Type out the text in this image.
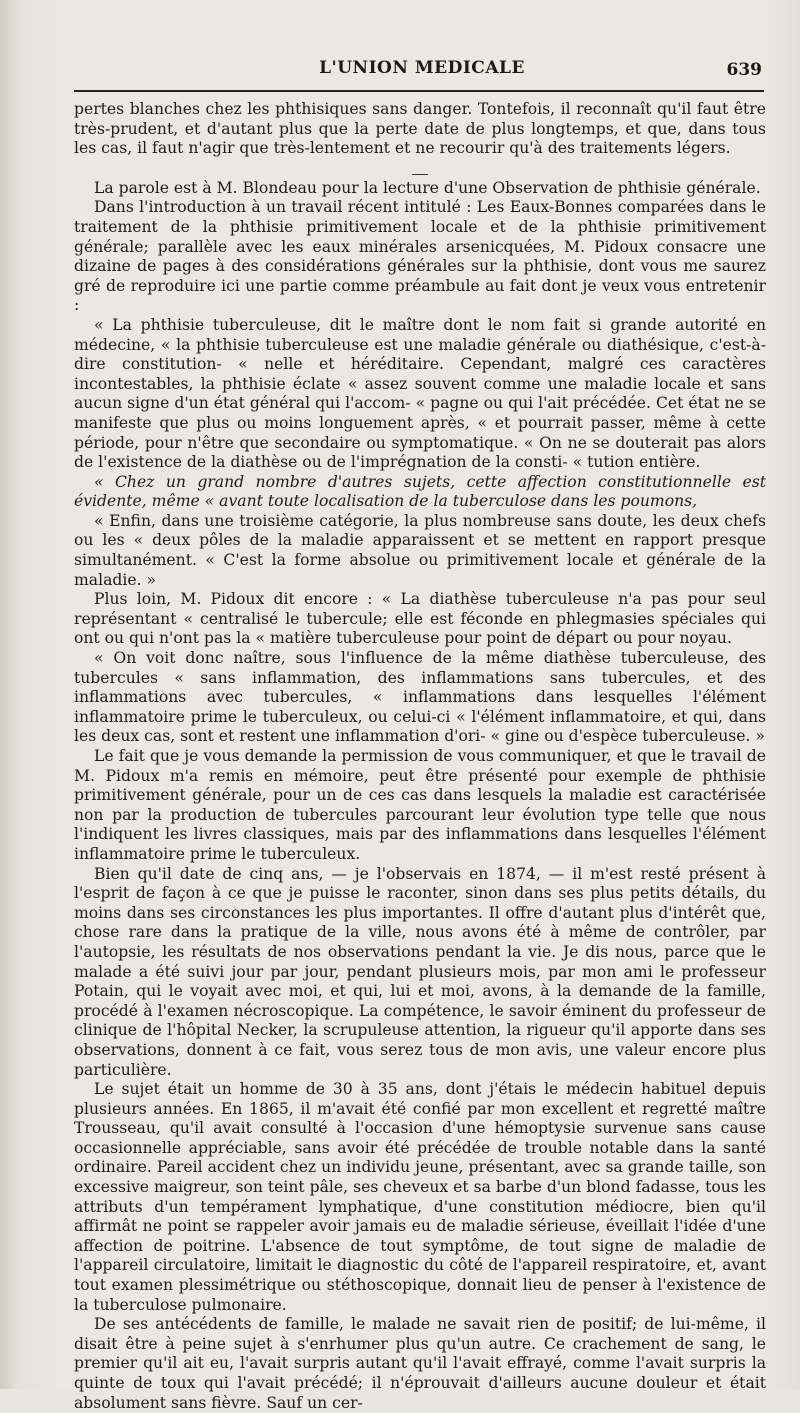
L'UNION MEDICALE	639

pertes blanches chez les phthisiques sans danger. Tontefois, il reconnaît qu'il faut être très-prudent, et d'autant plus que la perte date de plus longtemps, et que, dans tous les cas, il faut n'agir que très-lentement et ne recourir qu'à des traitements légers.

La parole est à M. Blondeau pour la lecture d'une Observation de phthisie générale.

Dans l'introduction à un travail récent intitulé : Les Eaux-Bonnes comparées dans le traitement de la phthisie primitivement locale et de la phthisie primitivement générale; parallèle avec les eaux minérales arsenicquées, M. Pidoux consacre une dizaine de pages à des considérations générales sur la phthisie, dont vous me saurez gré de reproduire ici une partie comme préambule au fait dont je veux vous entretenir :

« La phthisie tuberculeuse, dit le maître dont le nom fait si grande autorité en médecine, « la phthisie tuberculeuse est une maladie générale ou diathésique, c'est-à-dire constitution- « nelle et héréditaire. Cependant, malgré ces caractères incontestables, la phthisie éclate « assez souvent comme une maladie locale et sans aucun signe d'un état général qui l'accom- « pagne ou qui l'ait précédée. Cet état ne se manifeste que plus ou moins longuement après, « et pourrait passer, même à cette période, pour n'être que secondaire ou symptomatique. « On ne se douterait pas alors de l'existence de la diathèse ou de l'imprégnation de la consti- « tution entière.

« Chez un grand nombre d'autres sujets, cette affection constitutionnelle est évidente, même « avant toute localisation de la tuberculose dans les poumons,

« Enfin, dans une troisième catégorie, la plus nombreuse sans doute, les deux chefs ou les « deux pôles de la maladie apparaissent et se mettent en rapport presque simultanément. « C'est la forme absolue ou primitivement locale et générale de la maladie. »

Plus loin, M. Pidoux dit encore : « La diathèse tuberculeuse n'a pas pour seul représentant « centralisé le tubercule; elle est féconde en phlegmasies spéciales qui ont ou qui n'ont pas la « matière tuberculeuse pour point de départ ou pour noyau.

« On voit donc naître, sous l'influence de la même diathèse tuberculeuse, des tubercules « sans inflammation, des inflammations sans tubercules, et des inflammations avec tubercules, « inflammations dans lesquelles l'élément inflammatoire prime le tuberculeux, ou celui-ci « l'élément inflammatoire, et qui, dans les deux cas, sont et restent une inflammation d'ori- « gine ou d'espèce tuberculeuse. »

Le fait que je vous demande la permission de vous communiquer, et que le travail de M. Pidoux m'a remis en mémoire, peut être présenté pour exemple de phthisie primitivement générale, pour un de ces cas dans lesquels la maladie est caractérisée non par la production de tubercules parcourant leur évolution type telle que nous l'indiquent les livres classiques, mais par des inflammations dans lesquelles l'élément inflammatoire prime le tuberculeux.

Bien qu'il date de cinq ans, — je l'observais en 1874, — il m'est resté présent à l'esprit de façon à ce que je puisse le raconter, sinon dans ses plus petits détails, du moins dans ses circonstances les plus importantes. Il offre d'autant plus d'intérêt que, chose rare dans la pratique de la ville, nous avons été à même de contrôler, par l'autopsie, les résultats de nos observations pendant la vie. Je dis nous, parce que le malade a été suivi jour par jour, pendant plusieurs mois, par mon ami le professeur Potain, qui le voyait avec moi, et qui, lui et moi, avons, à la demande de la famille, procédé à l'examen nécroscopique. La compétence, le savoir éminent du professeur de clinique de l'hôpital Necker, la scrupuleuse attention, la rigueur qu'il apporte dans ses observations, donnent à ce fait, vous serez tous de mon avis, une valeur encore plus particulière.

Le sujet était un homme de 30 à 35 ans, dont j'étais le médecin habituel depuis plusieurs années. En 1865, il m'avait été confié par mon excellent et regretté maître Trousseau, qu'il avait consulté à l'occasion d'une hémoptysie survenue sans cause occasionnelle appréciable, sans avoir été précédée de trouble notable dans la santé ordinaire. Pareil accident chez un individu jeune, présentant, avec sa grande taille, son excessive maigreur, son teint pâle, ses cheveux et sa barbe d'un blond fadasse, tous les attributs d'un tempérament lymphatique, d'une constitution médiocre, bien qu'il affirmât ne point se rappeler avoir jamais eu de maladie sérieuse, éveillait l'idée d'une affection de poitrine. L'absence de tout symptôme, de tout signe de maladie de l'appareil circulatoire, limitait le diagnostic du côté de l'appareil respiratoire, et, avant tout examen plessimétrique ou stéthoscopique, donnait lieu de penser à l'existence de la tuberculose pulmonaire.

De ses antécédents de famille, le malade ne savait rien de positif; de lui-même, il disait être à peine sujet à s'enrhumer plus qu'un autre. Ce crachement de sang, le premier qu'il ait eu, l'avait surpris autant qu'il l'avait effrayé, comme l'avait surpris la quinte de toux qui l'avait précédé; il n'éprouvait d'ailleurs aucune douleur et était absolument sans fièvre. Sauf un cer-
